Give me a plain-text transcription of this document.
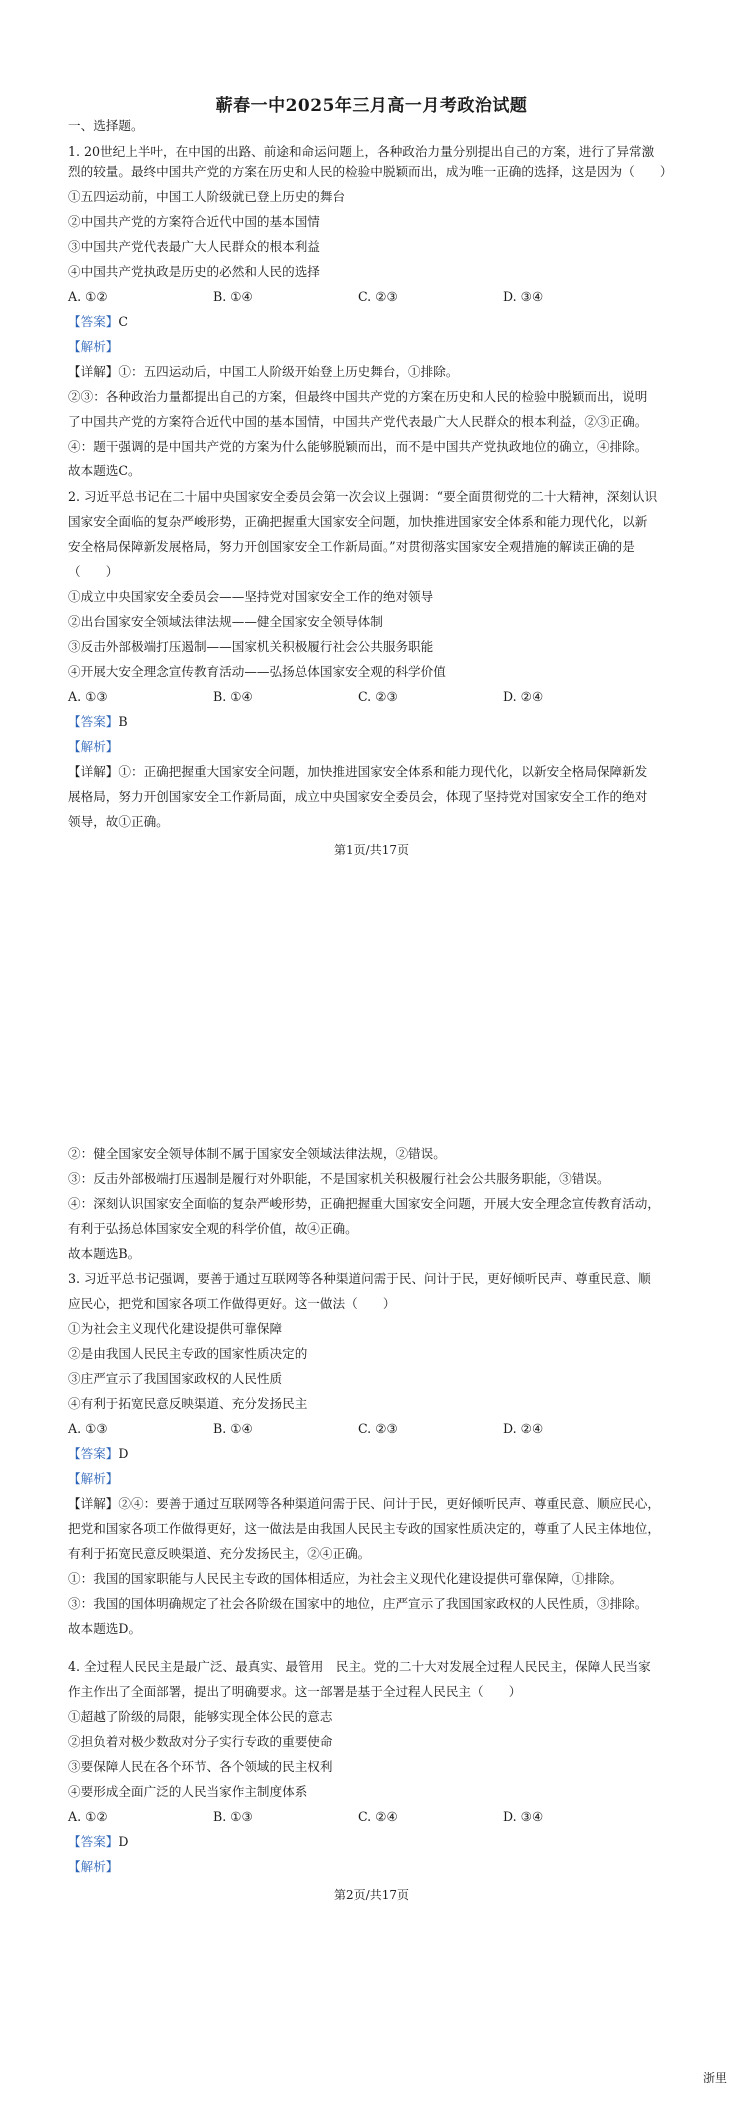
蕲春一中2025年三月高一月考政治试题
一、选择题。
1. 20世纪上半叶，在中国的出路、前途和命运问题上，各种政治力量分别提出自己的方案，进行了异常激
烈的较量。最终中国共产党的方案在历史和人民的检验中脱颖而出，成为唯一正确的选择，这是因为（　　）
①五四运动前，中国工人阶级就已登上历史的舞台
②中国共产党的方案符合近代中国的基本国情
③中国共产党代表最广大人民群众的根本利益
④中国共产党执政是历史的必然和人民的选择
A. ①②	B. ①④	C. ②③	D. ③④
【答案】C
【解析】
【详解】①：五四运动后，中国工人阶级开始登上历史舞台，①排除。
②③：各种政治力量都提出自己的方案，但最终中国共产党的方案在历史和人民的检验中脱颖而出，说明
了中国共产党的方案符合近代中国的基本国情，中国共产党代表最广大人民群众的根本利益，②③正确。
④：题干强调的是中国共产党的方案为什么能够脱颖而出，而不是中国共产党执政地位的确立，④排除。
故本题选C。
2. 习近平总书记在二十届中央国家安全委员会第一次会议上强调：“要全面贯彻党的二十大精神，深刻认识
国家安全面临的复杂严峻形势，正确把握重大国家安全问题，加快推进国家安全体系和能力现代化，以新
安全格局保障新发展格局，努力开创国家安全工作新局面。”对贯彻落实国家安全观措施的解读正确的是
（　　）
①成立中央国家安全委员会——坚持党对国家安全工作的绝对领导
②出台国家安全领域法律法规——健全国家安全领导体制
③反击外部极端打压遏制——国家机关积极履行社会公共服务职能
④开展大安全理念宣传教育活动——弘扬总体国家安全观的科学价值
A. ①③	B. ①④	C. ②③	D. ②④
【答案】B
【解析】
【详解】①：正确把握重大国家安全问题，加快推进国家安全体系和能力现代化，以新安全格局保障新发
展格局，努力开创国家安全工作新局面，成立中央国家安全委员会，体现了坚持党对国家安全工作的绝对
领导，故①正确。
第1页/共17页
②：健全国家安全领导体制不属于国家安全领域法律法规，②错误。
③：反击外部极端打压遏制是履行对外职能，不是国家机关积极履行社会公共服务职能，③错误。
④：深刻认识国家安全面临的复杂严峻形势，正确把握重大国家安全问题，开展大安全理念宣传教育活动，
有利于弘扬总体国家安全观的科学价值，故④正确。
故本题选B。
3. 习近平总书记强调，要善于通过互联网等各种渠道问需于民、问计于民，更好倾听民声、尊重民意、顺
应民心，把党和国家各项工作做得更好。这一做法（　　）
①为社会主义现代化建设提供可靠保障
②是由我国人民民主专政的国家性质决定的
③庄严宣示了我国国家政权的人民性质
④有利于拓宽民意反映渠道、充分发扬民主
A. ①③	B. ①④	C. ②③	D. ②④
【答案】D
【解析】
【详解】②④：要善于通过互联网等各种渠道问需于民、问计于民，更好倾听民声、尊重民意、顺应民心，
把党和国家各项工作做得更好，这一做法是由我国人民民主专政的国家性质决定的，尊重了人民主体地位，
有利于拓宽民意反映渠道、充分发扬民主，②④正确。
①：我国的国家职能与人民民主专政的国体相适应，为社会主义现代化建设提供可靠保障，①排除。
③：我国的国体明确规定了社会各阶级在国家中的地位，庄严宣示了我国国家政权的人民性质，③排除。
故本题选D。
4. 全过程人民民主是最广泛、最真实、最管用　民主。党的二十大对发展全过程人民民主，保障人民当家
作主作出了全面部署，提出了明确要求。这一部署是基于全过程人民民主（　　）
①超越了阶级的局限，能够实现全体公民的意志
②担负着对极少数敌对分子实行专政的重要使命
③要保障人民在各个环节、各个领域的民主权利
④要形成全面广泛的人民当家作主制度体系
A. ①②	B. ①③	C. ②④	D. ③④
【答案】D
【解析】
第2页/共17页
浙里
